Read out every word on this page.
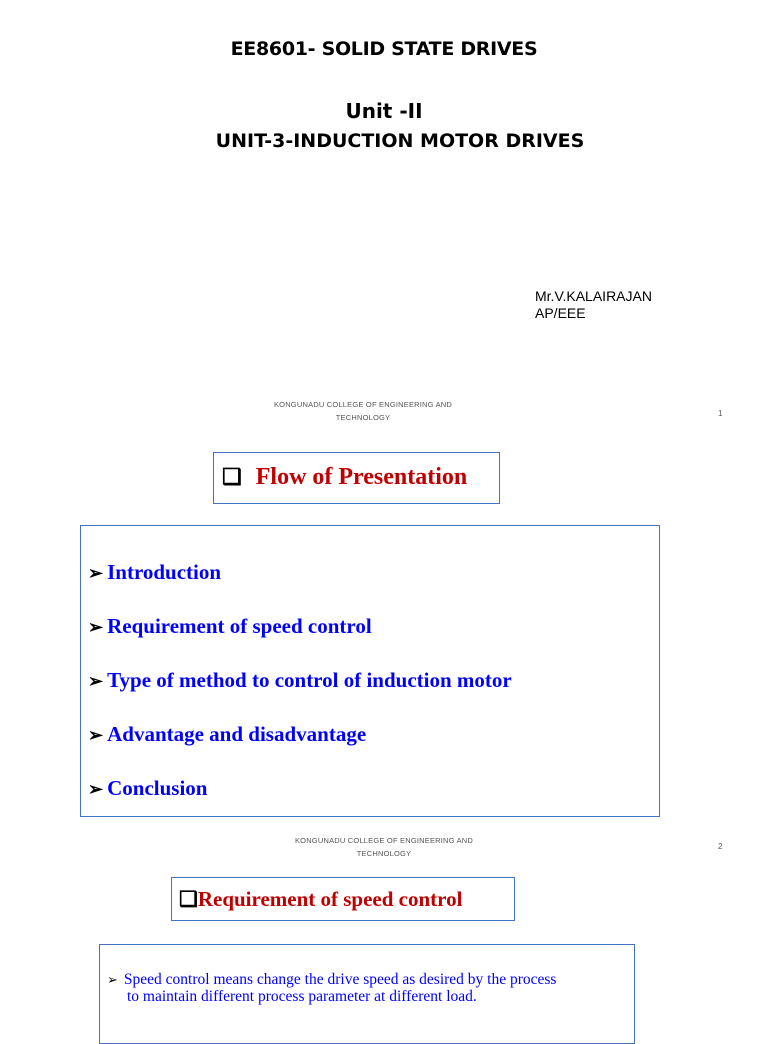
EE8601- SOLID STATE DRIVES
Unit -II
UNIT-3-INDUCTION MOTOR DRIVES
Mr.V.KALAIRAJAN
AP/EEE
KONGUNADU COLLEGE OF ENGINEERING AND
TECHNOLOGY	1
❑ Flow of Presentation
➢ Introduction
➢ Requirement of speed control
➢ Type of method to control of induction motor
➢ Advantage and disadvantage
➢ Conclusion
KONGUNADU COLLEGE OF ENGINEERING AND
TECHNOLOGY
2
❑Requirement of speed control
➢ Speed control means change the drive speed as desired by the process
to maintain different process parameter at different load.
